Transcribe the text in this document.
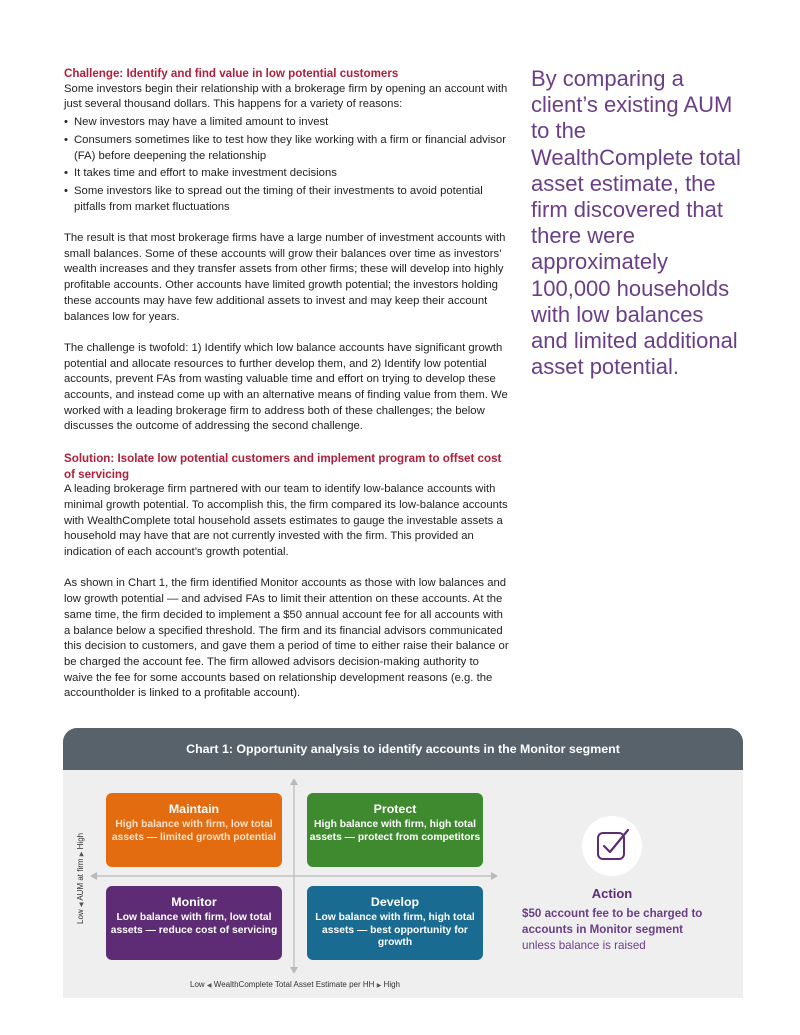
Challenge: Identify and find value in low potential customers

Some investors begin their relationship with a brokerage firm by opening an account with just several thousand dollars. This happens for a variety of reasons:

• New investors may have a limited amount to invest
• Consumers sometimes like to test how they like working with a firm or financial advisor (FA) before deepening the relationship
• It takes time and effort to make investment decisions
• Some investors like to spread out the timing of their investments to avoid potential pitfalls from market fluctuations

The result is that most brokerage firms have a large number of investment accounts with small balances. Some of these accounts will grow their balances over time as investors’ wealth increases and they transfer assets from other firms; these will develop into highly profitable accounts. Other accounts have limited growth potential; the investors holding these accounts may have few additional assets to invest and may keep their account balances low for years.

The challenge is twofold: 1) Identify which low balance accounts have significant growth potential and allocate resources to further develop them, and 2) Identify low potential accounts, prevent FAs from wasting valuable time and effort on trying to develop these accounts, and instead come up with an alternative means of finding value from them. We worked with a leading brokerage firm to address both of these challenges; the below discusses the outcome of addressing the second challenge.

Solution: Isolate low potential customers and implement program to offset cost of servicing

A leading brokerage firm partnered with our team to identify low-balance accounts with minimal growth potential. To accomplish this, the firm compared its low-balance accounts with WealthComplete total household assets estimates to gauge the investable assets a household may have that are not currently invested with the firm. This provided an indication of each account’s growth potential.

As shown in Chart 1, the firm identified Monitor accounts as those with low balances and low growth potential — and advised FAs to limit their attention on these accounts. At the same time, the firm decided to implement a $50 annual account fee for all accounts with a balance below a specified threshold. The firm and its financial advisors communicated this decision to customers, and gave them a period of time to either raise their balance or be charged the account fee. The firm allowed advisors decision-making authority to waive the fee for some accounts based on relationship development reasons (e.g. the accountholder is linked to a profitable account).

By comparing a client’s existing AUM to the WealthComplete total asset estimate, the firm discovered that there were approximately 100,000 households with low balances and limited additional asset potential.
Chart 1: Opportunity analysis to identify accounts in the Monitor segment
Maintain
High balance with firm, low total assets — limited growth potential
Protect
High balance with firm, high total assets — protect from competitors
Monitor
Low balance with firm, low total assets — reduce cost of servicing
Develop
Low balance with firm, high total assets — best opportunity for growth
Low ◀ AUM at firm ▶ High
Low ◀ WealthComplete Total Asset Estimate per HH ▶ High
Action
$50 account fee to be charged to accounts in Monitor segment
unless balance is raised
